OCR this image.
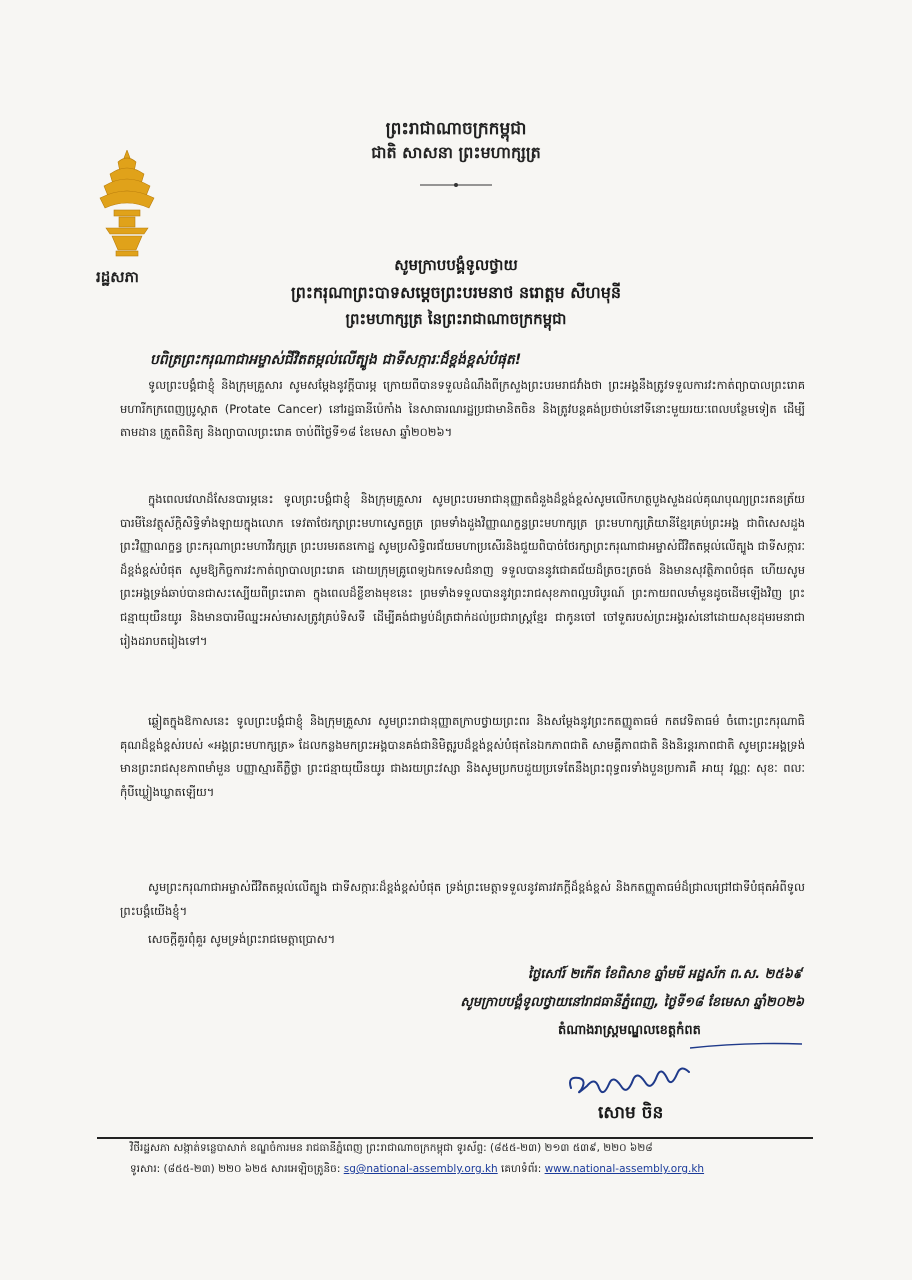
រដ្ឋសភា
ព្រះរាជាណាចក្រកម្ពុជា
ជាតិ សាសនា ព្រះមហាក្សត្រ
សូមក្រាបបង្គំទូលថ្វាយ
ព្រះករុណាព្រះបាទសម្តេចព្រះបរមនាថ នរោត្តម សីហមុនី
ព្រះមហាក្សត្រ នៃព្រះរាជាណាចក្រកម្ពុជា
បពិត្រព្រះករុណាជាអម្ចាស់ជីវិតតម្កល់លើត្បូង ជាទីសក្ការៈដ៏ខ្ពង់ខ្ពស់បំផុត!
ទូលព្រះបង្គំជាខ្ញុំ និងក្រុមគ្រួសារ សូមសម្តែងនូវក្តីបារម្ភ ក្រោយពីបានទទួលដំណឹងពីក្រសួងព្រះបរមរាជវាំងថា ព្រះអង្គនឹងត្រូវទទួលការវះកាត់ព្យាបាលព្រះរោគ មហារីកក្រពេញប្រូស្តាត (Protate Cancer) នៅរដ្ឋធានីប៉េកាំង នៃសាធារណរដ្ឋប្រជាមានិតចិន និងត្រូវបន្តគង់ប្រថាប់នៅទីនោះមួយរយៈពេលបន្ថែមទៀត ដើម្បីតាមដាន ត្រួតពិនិត្យ និងព្យាបាលព្រះរោគ ចាប់ពីថ្ងៃទី១៨ ខែមេសា ឆ្នាំ២០២៦។
ក្នុងពេលវេលាដ៏សែនបារម្ភនេះ ទូលព្រះបង្គំជាខ្ញុំ និងក្រុមគ្រួសារ សូមព្រះបរមរាជានុញ្ញាតជំនួងដ៏ខ្ពង់ខ្ពស់សូមលើកហត្ថបួងសួងដល់គុណបុណ្យព្រះរតនត្រ័យ បារមីនៃវត្ថុស័ក្តិសិទ្ធិទាំងឡាយក្នុងលោក ទេវតាថែរក្សាព្រះមហាស្វេតច្ឆត្រ ព្រមទាំងដួងវិញ្ញាណក្ខន្ធព្រះមហាក្សត្រ ព្រះមហាក្សត្រិយានីខ្មែរគ្រប់ព្រះអង្គ ជាពិសេសដួងព្រះវិញ្ញាណក្ខន្ធ ព្រះករុណាព្រះមហាវីរក្សត្រ ព្រះបរមរតនកោដ្ឋ សូមប្រសិទ្ធិពរជ័យមហាប្រសើរនិងជួយពិបាច់ថែរក្សាព្រះករុណាជាអម្ចាស់ជីវិតតម្កល់លើត្បូង ជាទីសក្ការៈដ៏ខ្ពង់ខ្ពស់បំផុត សូមឱ្យកិច្ចការវះកាត់ព្យាបាលព្រះរោគ ដោយក្រុមគ្រូពេទ្យឯកទេសជំនាញ ទទួលបាននូវជោគជ័យដ៏ត្រចះត្រចង់ និងមានសុវត្ថិភាពបំផុត ហើយសូមព្រះអង្គទ្រង់ឆាប់បានជាសះស្បើយពីព្រះរោគា ក្នុងពេលដ៏ខ្លីខាងមុខនេះ ព្រមទាំងទទួលបាននូវព្រះរាជសុខភាពល្អបរិបូរណ៍ ព្រះកាយពលមាំមួនដូចដើមឡើងវិញ ព្រះជន្មាយុយឺនយូរ និងមានបារមីឈ្នះអស់មារសត្រូវគ្រប់ទិសទី ដើម្បីគង់ជាម្លប់ដ៏ត្រជាក់ដល់ប្រជារាស្ត្រខ្មែរ ជាកូនចៅ ចៅទួតរបស់ព្រះអង្គរស់នៅដោយសុខដុមរមនាជារៀងដរាបតរៀងទៅ។
ឆ្លៀតក្នុងឱកាសនេះ ទូលព្រះបង្គំជាខ្ញុំ និងក្រុមគ្រួសារ សូមព្រះរាជានុញ្ញាតក្រាបថ្វាយព្រះពរ និងសម្តែងនូវព្រះកតញ្ញូតាធម៌ កតវេទិតាធម៌ ចំពោះព្រះករុណាធិគុណដ៏ខ្ពង់ខ្ពស់របស់ «អង្គព្រះមហាក្សត្រ» ដែលកន្លងមកព្រះអង្គបានគង់ជានិមិត្តរូបដ៏ខ្ពង់ខ្ពស់បំផុតនៃឯកភាពជាតិ សាមគ្គីភាពជាតិ និងនិរន្តរភាពជាតិ សូមព្រះអង្គទ្រង់មានព្រះរាជសុខភាពមាំមួន បញ្ញាស្មារតីភ្លឺថ្លា ព្រះជន្មាយុយឺនយូរ ជាងរយព្រះវស្សា និងសូមប្រកបដួយប្រទេតែនឹងព្រះពុទ្ធពរទាំងបួនប្រការគឺ អាយុ វណ្ណៈ សុខៈ ពលៈ កុំបីឃ្លៀងឃ្លាតឡើយ។
សូមព្រះករុណាជាអម្ចាស់ជីវិតតម្កល់លើត្បូង ជាទីសក្ការៈដ៏ខ្ពង់ខ្ពស់បំផុត ទ្រង់ព្រះមេត្តាទទួលនូវគារវភក្តីដ៏ខ្ពង់ខ្ពស់ និងកតញ្ញូតាធម៌ដ៏ជ្រាលជ្រៅជាទីបំផុតអំពីទូលព្រះបង្គំយើងខ្ញុំ។
សេចក្តីគួរពុំគួរ សូមទ្រង់ព្រះរាជមេត្តាប្រោស។
ថ្ងៃសៅរ៍ ២កើត ខែពិសាខ ឆ្នាំមមី អដ្ឋស័ក ព.ស. ២៥៦៩
សូមក្រាបបង្គំទូលថ្វាយនៅរាជធានីភ្នំពេញ, ថ្ងៃទី១៨ ខែមេសា ឆ្នាំ២០២៦
តំណាងរាស្ត្រមណ្ឌលខេត្តកំពត
សោម ចិន
វិថីរដ្ឋសភា សង្កាត់ទន្លេបាសាក់ ខណ្ឌចំការមន រាជធានីភ្នំពេញ ព្រះរាជាណាចក្រកម្ពុជា ទូរស័ព្ទ: (៨៥៥-២៣) ២១៣ ៥៣៩, ២២០ ៦២៨
ទូរសារ: (៨៥៥-២៣) ២២០ ៦២៥ សារអេឡិចត្រូនិច: sg@national-assembly.org.kh គេហទំព័រ: www.national-assembly.org.kh
